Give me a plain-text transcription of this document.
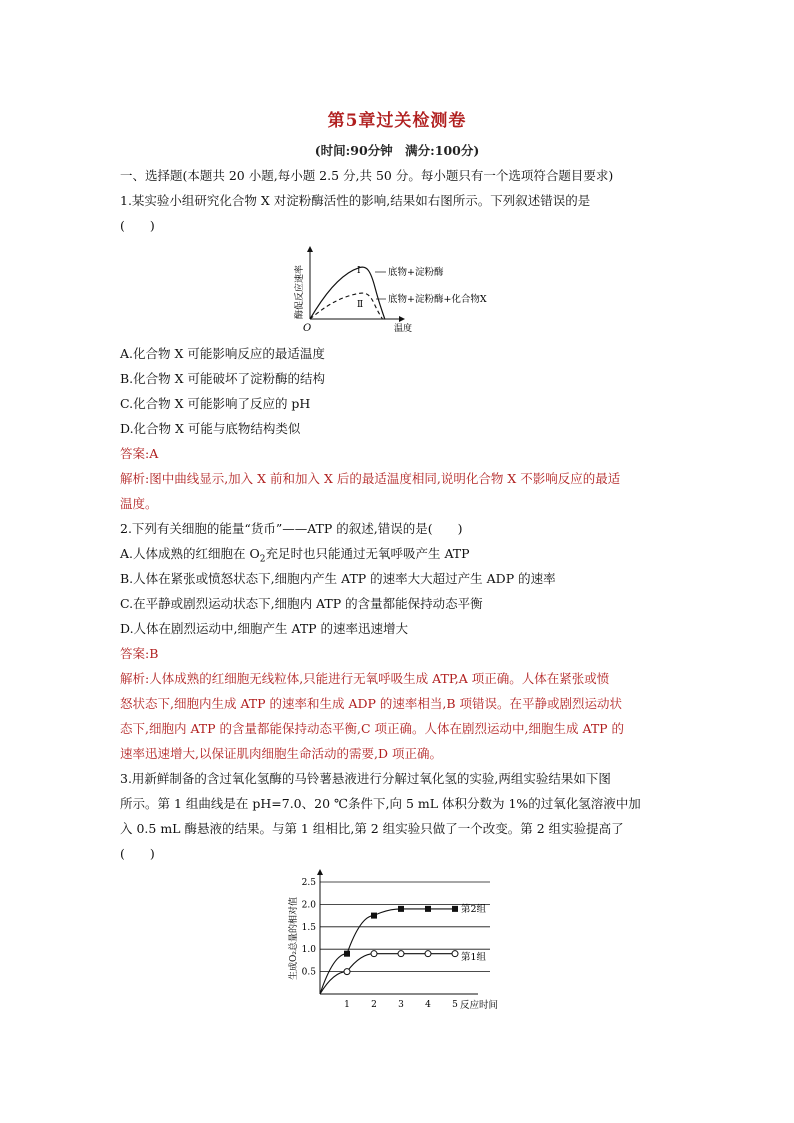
第5章过关检测卷
(时间:90分钟　满分:100分)
一、选择题(本题共 20 小题,每小题 2.5 分,共 50 分。每小题只有一个选项符合题目要求)
1.某实验小组研究化合物 X 对淀粉酶活性的影响,结果如右图所示。下列叙述错误的是
(　　)
O
酶促反应速率
温度
Ⅰ
Ⅱ
底物+淀粉酶
底物+淀粉酶+化合物X
A.化合物 X 可能影响反应的最适温度
B.化合物 X 可能破坏了淀粉酶的结构
C.化合物 X 可能影响了反应的 pH
D.化合物 X 可能与底物结构类似
答案:A
解析:图中曲线显示,加入 X 前和加入 X 后的最适温度相同,说明化合物 X 不影响反应的最适
温度。
2.下列有关细胞的能量“货币”——ATP 的叙述,错误的是(　　)
A.人体成熟的红细胞在 $O_2$充足时也只能通过无氧呼吸产生 ATP
B.人体在紧张或愤怒状态下,细胞内产生 ATP 的速率大大超过产生 ADP 的速率
C.在平静或剧烈运动状态下,细胞内 ATP 的含量都能保持动态平衡
D.人体在剧烈运动中,细胞产生 ATP 的速率迅速增大
答案:B
解析:人体成熟的红细胞无线粒体,只能进行无氧呼吸生成 ATP,A 项正确。人体在紧张或愤
怒状态下,细胞内生成 ATP 的速率和生成 ADP 的速率相当,B 项错误。在平静或剧烈运动状
态下,细胞内 ATP 的含量都能保持动态平衡,C 项正确。人体在剧烈运动中,细胞生成 ATP 的
速率迅速增大,以保证肌肉细胞生命活动的需要,D 项正确。
3.用新鲜制备的含过氧化氢酶的马铃薯悬液进行分解过氧化氢的实验,两组实验结果如下图
所示。第 1 组曲线是在 pH=7.0、20 ℃条件下,向 5 mL 体积分数为 1%的过氧化氢溶液中加
入 0.5 mL 酶悬液的结果。与第 1 组相比,第 2 组实验只做了一个改变。第 2 组实验提高了
(　　)
0.5
1.0
1.5
2.0
2.5
1 2 3 4 5
第2组
第1组
生成O₂总量的相对值
反应时间
